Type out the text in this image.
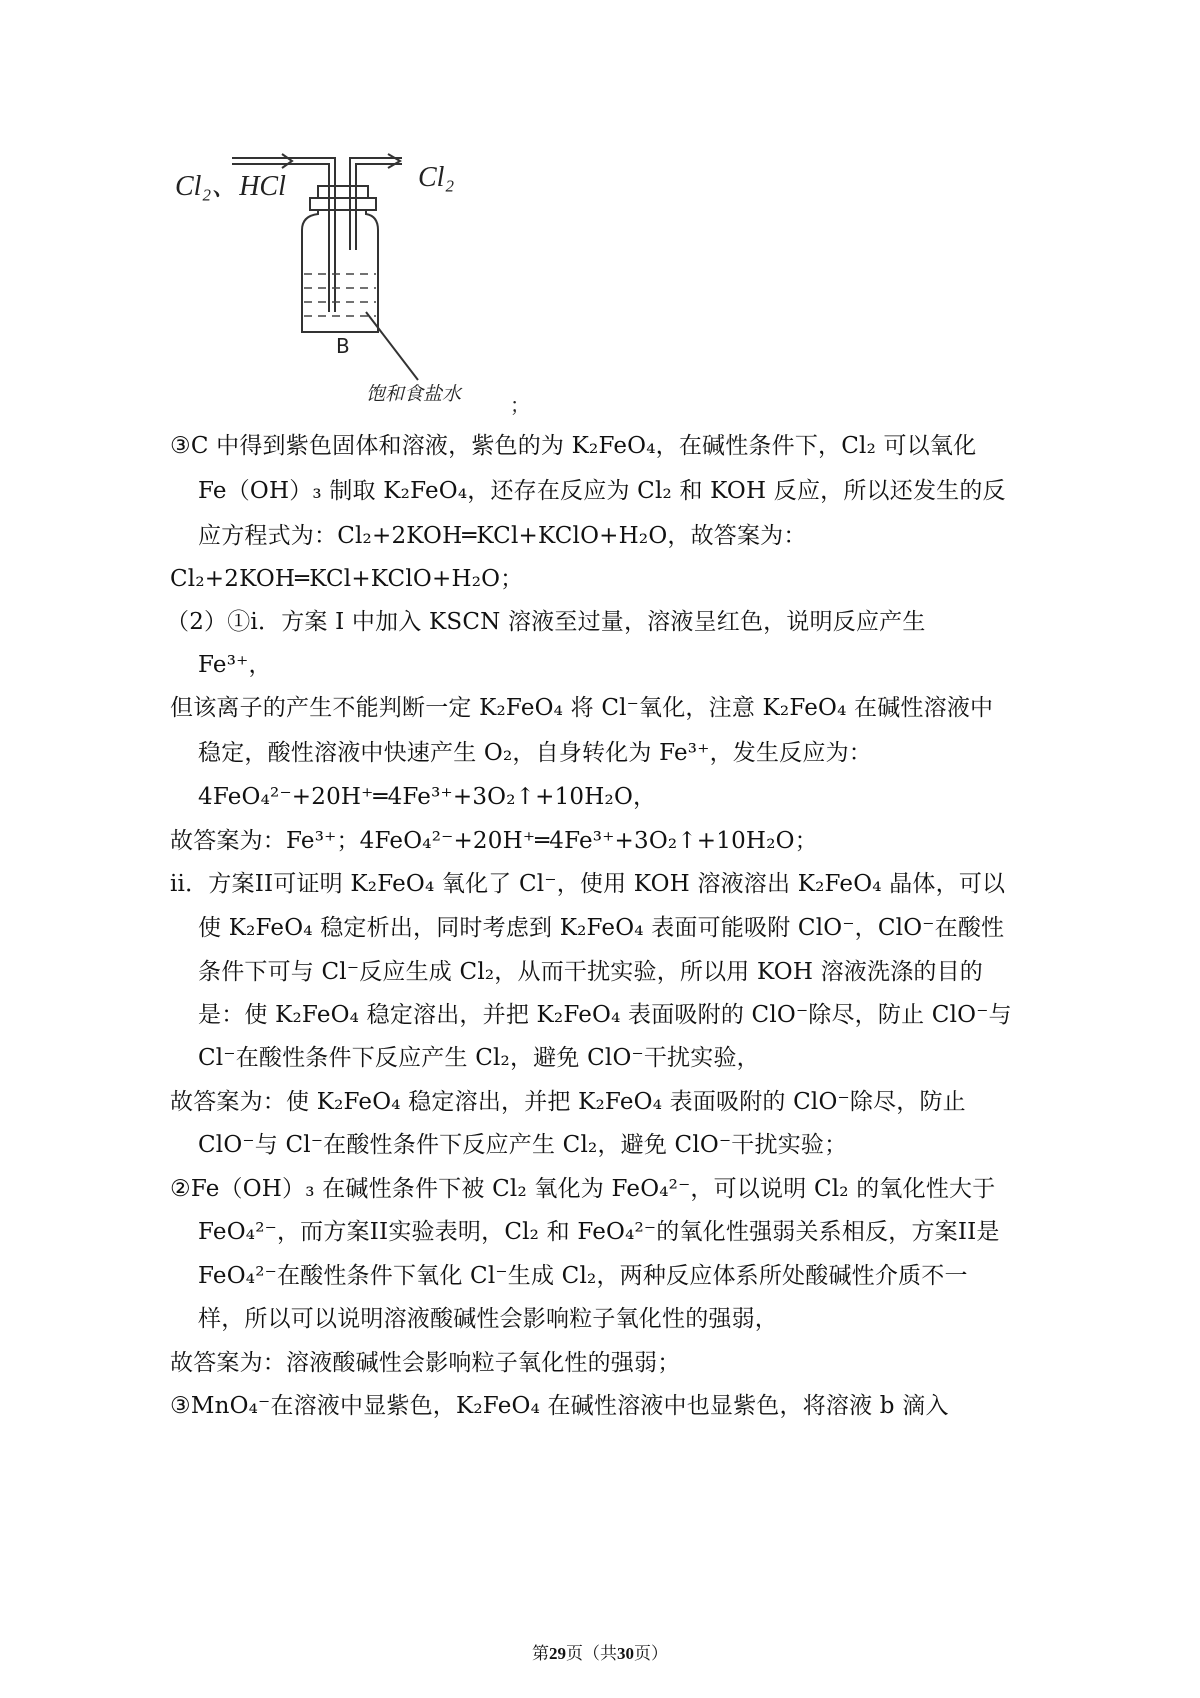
Cl₂、HCl	Cl₂
B
饱和食盐水 ；
③C 中得到紫色固体和溶液，紫色的为 K₂FeO₄，在碱性条件下，Cl₂ 可以氧化
Fe（OH）₃ 制取 K₂FeO₄，还存在反应为 Cl₂ 和 KOH 反应，所以还发生的反
应方程式为：Cl₂+2KOH═KCl+KClO+H₂O，故答案为：
Cl₂+2KOH═KCl+KClO+H₂O；
（2）①i．方案 I 中加入 KSCN 溶液至过量，溶液呈红色，说明反应产生
Fe³⁺，
但该离子的产生不能判断一定 K₂FeO₄ 将 Cl⁻氧化，注意 K₂FeO₄ 在碱性溶液中
稳定，酸性溶液中快速产生 O₂，自身转化为 Fe³⁺，发生反应为：
4FeO₄²⁻+20H⁺═4Fe³⁺+3O₂↑+10H₂O，
故答案为：Fe³⁺；4FeO₄²⁻+20H⁺═4Fe³⁺+3O₂↑+10H₂O；
ii．方案II可证明 K₂FeO₄ 氧化了 Cl⁻，使用 KOH 溶液溶出 K₂FeO₄ 晶体，可以
使 K₂FeO₄ 稳定析出，同时考虑到 K₂FeO₄ 表面可能吸附 ClO⁻，ClO⁻在酸性
条件下可与 Cl⁻反应生成 Cl₂，从而干扰实验，所以用 KOH 溶液洗涤的目的
是：使 K₂FeO₄ 稳定溶出，并把 K₂FeO₄ 表面吸附的 ClO⁻除尽，防止 ClO⁻与
Cl⁻在酸性条件下反应产生 Cl₂，避免 ClO⁻干扰实验，
故答案为：使 K₂FeO₄ 稳定溶出，并把 K₂FeO₄ 表面吸附的 ClO⁻除尽，防止
ClO⁻与 Cl⁻在酸性条件下反应产生 Cl₂，避免 ClO⁻干扰实验；
②Fe（OH）₃ 在碱性条件下被 Cl₂ 氧化为 FeO₄²⁻，可以说明 Cl₂ 的氧化性大于
FeO₄²⁻，而方案II实验表明，Cl₂ 和 FeO₄²⁻的氧化性强弱关系相反，方案II是
FeO₄²⁻在酸性条件下氧化 Cl⁻生成 Cl₂，两种反应体系所处酸碱性介质不一
样，所以可以说明溶液酸碱性会影响粒子氧化性的强弱，
故答案为：溶液酸碱性会影响粒子氧化性的强弱；
③MnO₄⁻在溶液中显紫色，K₂FeO₄ 在碱性溶液中也显紫色，将溶液 b 滴入
第29页（共30页）
